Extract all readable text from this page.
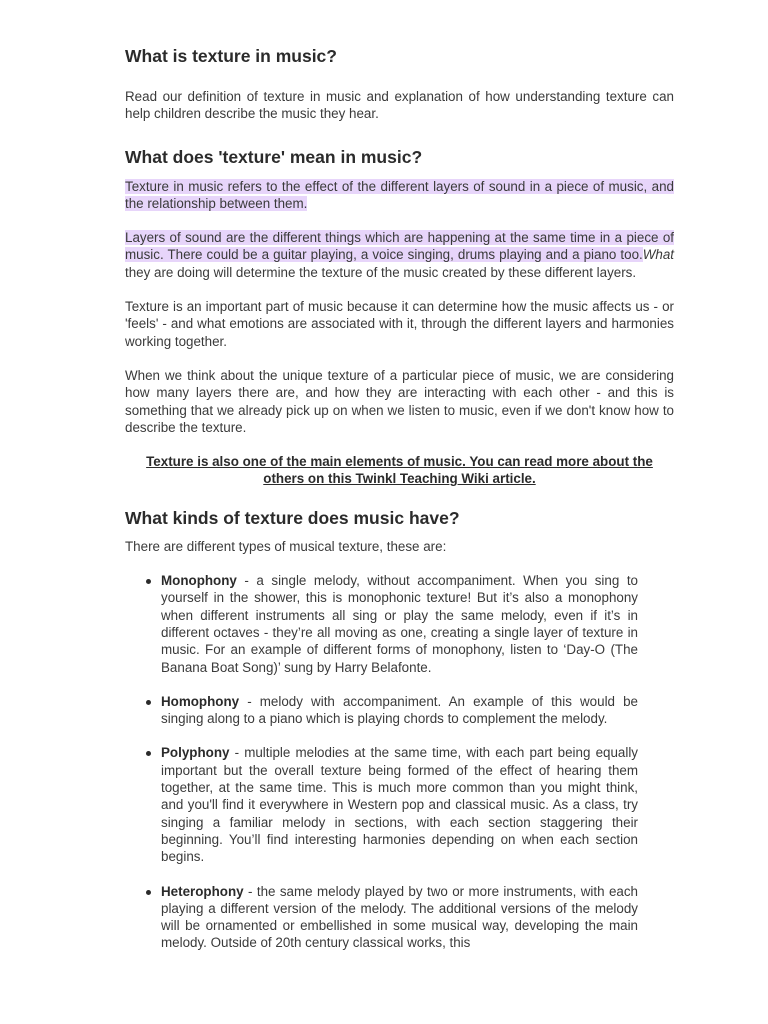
What is texture in music?

Read our definition of texture in music and explanation of how understanding texture can help children describe the music they hear.

What does 'texture' mean in music?

Texture in music refers to the effect of the different layers of sound in a piece of music, and the relationship between them.

Layers of sound are the different things which are happening at the same time in a piece of music. There could be a guitar playing, a voice singing, drums playing and a piano too.What they are doing will determine the texture of the music created by these different layers.

Texture is an important part of music because it can determine how the music affects us - or 'feels' - and what emotions are associated with it, through the different layers and harmonies working together.

When we think about the unique texture of a particular piece of music, we are considering how many layers there are, and how they are interacting with each other - and this is something that we already pick up on when we listen to music, even if we don't know how to describe the texture.

Texture is also one of the main elements of music. You can read more about the others on this Twinkl Teaching Wiki article.

What kinds of texture does music have?

There are different types of musical texture, these are:

Monophony - a single melody, without accompaniment. When you sing to yourself in the shower, this is monophonic texture! But it’s also a monophony when different instruments all sing or play the same melody, even if it’s in different octaves - they’re all moving as one, creating a single layer of texture in music. For an example of different forms of monophony, listen to ‘Day-O (The Banana Boat Song)’ sung by Harry Belafonte.
Homophony - melody with accompaniment. An example of this would be singing along to a piano which is playing chords to complement the melody.
Polyphony - multiple melodies at the same time, with each part being equally important but the overall texture being formed of the effect of hearing them together, at the same time. This is much more common than you might think, and you'll find it everywhere in Western pop and classical music. As a class, try singing a familiar melody in sections, with each section staggering their beginning. You’ll find interesting harmonies depending on when each section begins.
Heterophony - the same melody played by two or more instruments, with each playing a different version of the melody. The additional versions of the melody will be ornamented or embellished in some musical way, developing the main melody. Outside of 20th century classical works, this
